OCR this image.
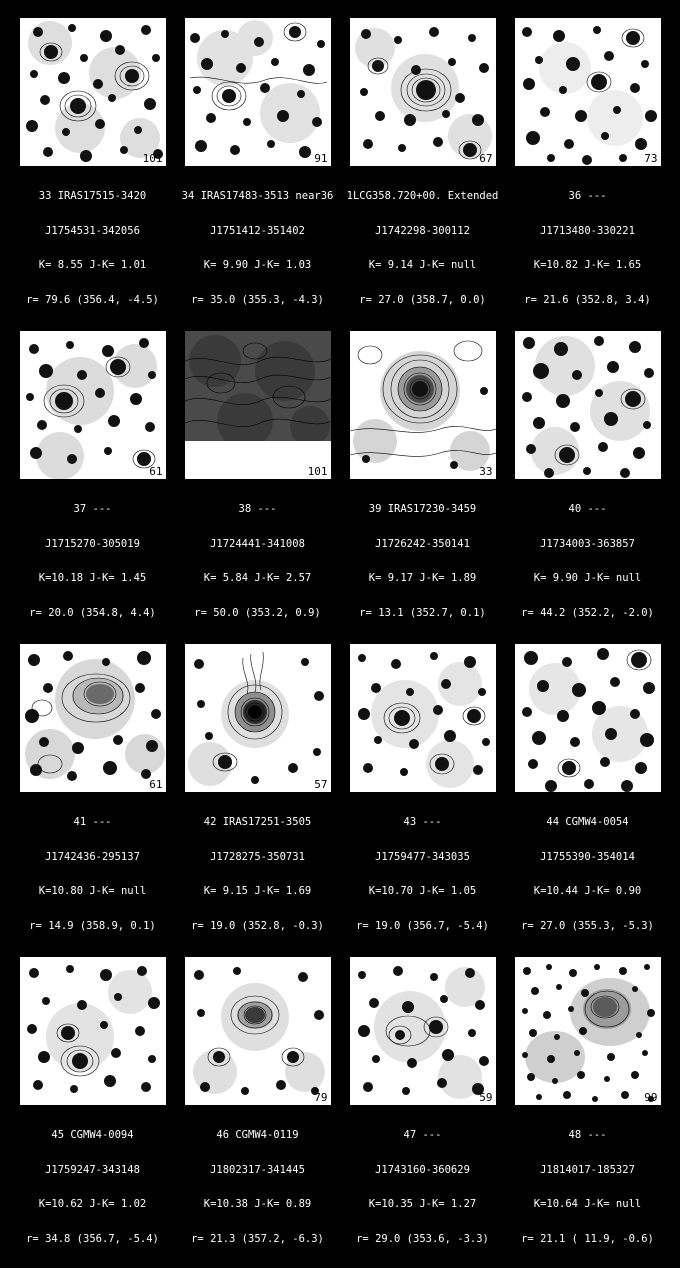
101

33 IRAS17515-3420

J1754531-342056

K= 8.55 J-K= 1.01

r= 79.6 (356.4, -4.5)

91

34 IRAS17483-3513 near36

J1751412-351402

K= 9.90 J-K= 1.03

r= 35.0 (355.3, -4.3)

67

1LCG358.720+00. Extended

J1742298-300112

K= 9.14 J-K= null

r= 27.0 (358.7, 0.0)

73

36 ---

J1713480-330221

K=10.82 J-K= 1.65

r= 21.6 (352.8, 3.4)

61

37 ---

J1715270-305019

K=10.18 J-K= 1.45

r= 20.0 (354.8, 4.4)

101

38 ---

J1724441-341008

K= 5.84 J-K= 2.57

r= 50.0 (353.2, 0.9)

33

39 IRAS17230-3459

J1726242-350141

K= 9.17 J-K= 1.89

r= 13.1 (352.7, 0.1)

40 ---

J1734003-363857

K= 9.90 J-K= null

r= 44.2 (352.2, -2.0)

61

41 ---

J1742436-295137

K=10.80 J-K= null

r= 14.9 (358.9, 0.1)

57

42 IRAS17251-3505

J1728275-350731

K= 9.15 J-K= 1.69

r= 19.0 (352.8, -0.3)

43 ---

J1759477-343035

K=10.70 J-K= 1.05

r= 19.0 (356.7, -5.4)

44 CGMW4-0054

J1755390-354014

K=10.44 J-K= 0.90

r= 27.0 (355.3, -5.3)

45 CGMW4-0094

J1759247-343148

K=10.62 J-K= 1.02

r= 34.8 (356.7, -5.4)

79

46 CGMW4-0119

J1802317-341445

K=10.38 J-K= 0.89

r= 21.3 (357.2, -6.3)

59

47 ---

J1743160-360629

K=10.35 J-K= 1.27

r= 29.0 (353.6, -3.3)

99

48 ---

J1814017-185327

K=10.64 J-K= null

r= 21.1 ( 11.9, -0.6)
